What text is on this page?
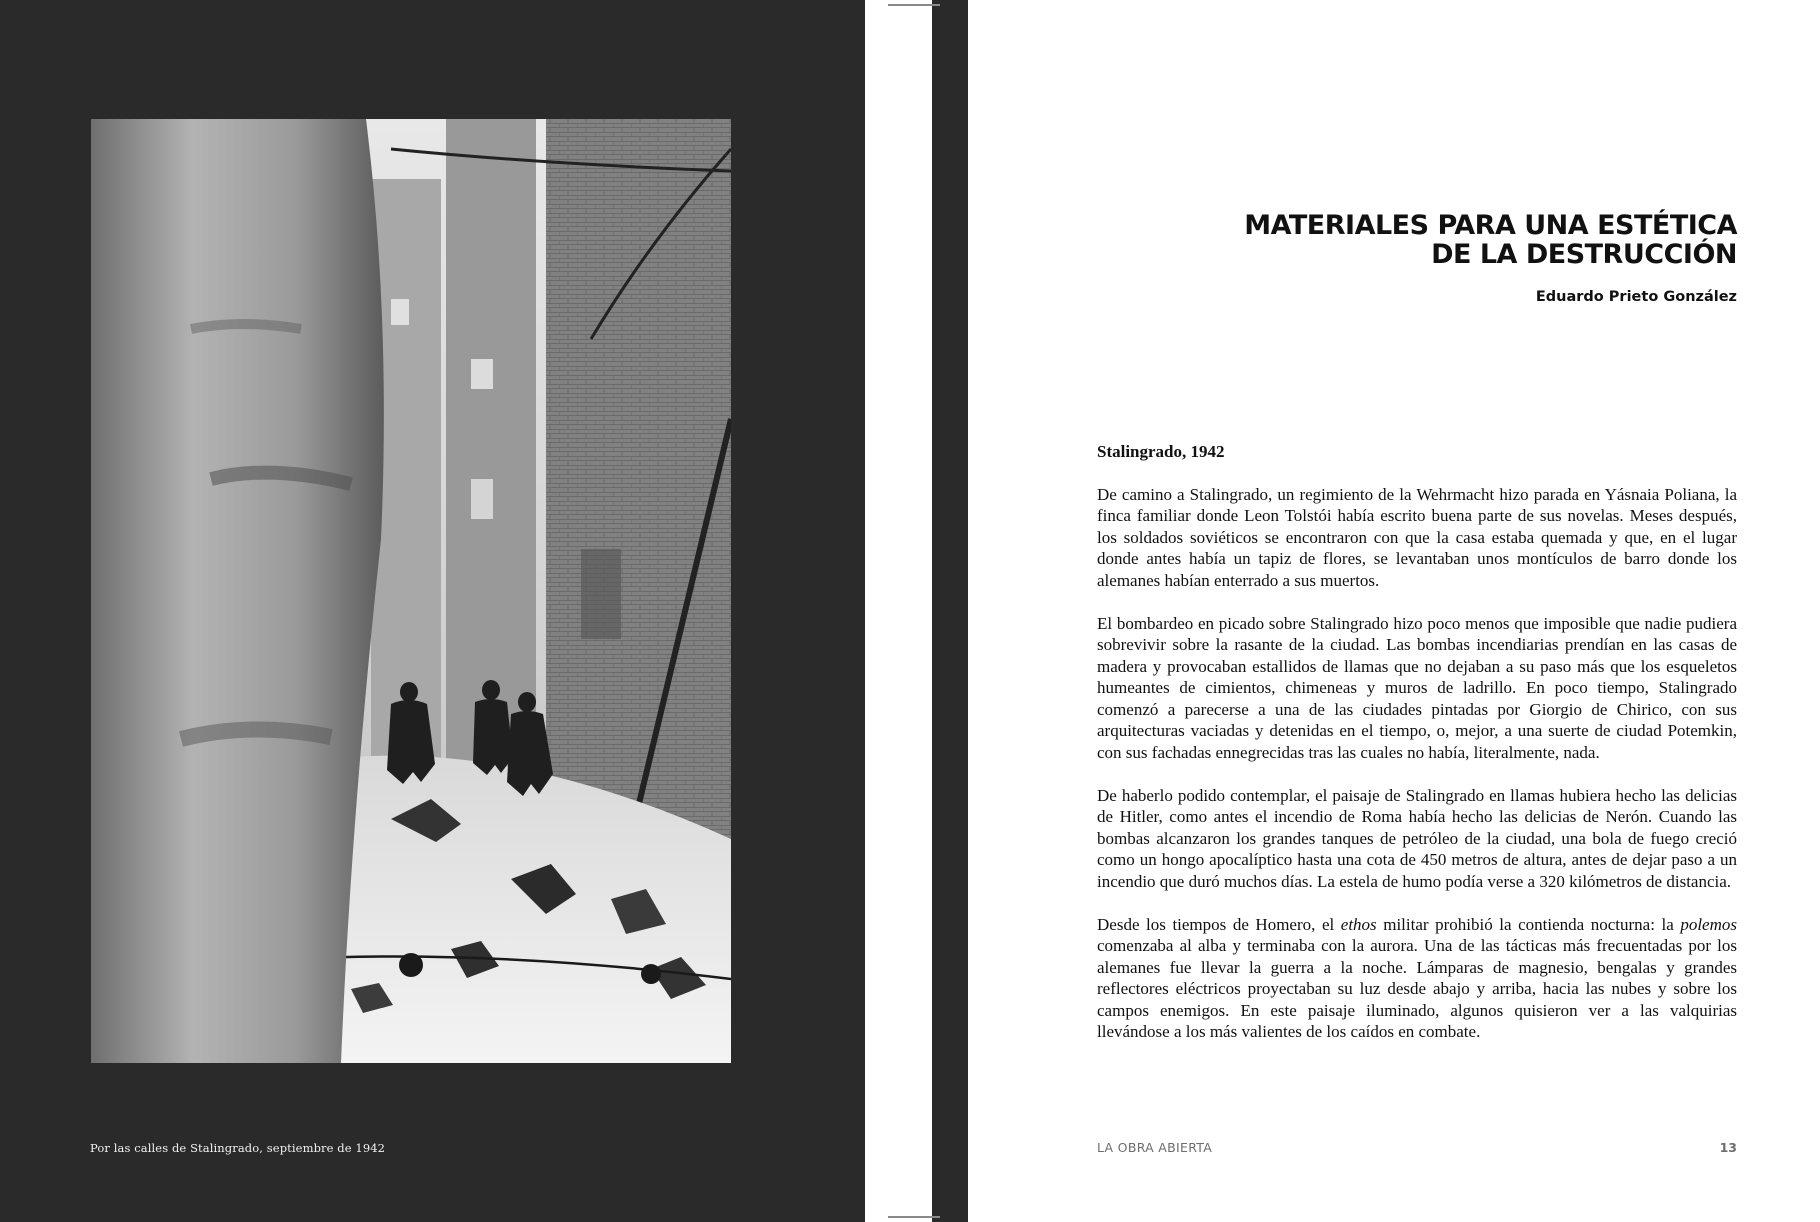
Por las calles de Stalingrado, septiembre de 1942
MATERIALES PARA UNA ESTÉTICA
DE LA DESTRUCCIÓN
Eduardo Prieto González
Stalingrado, 1942

De camino a Stalingrado, un regimiento de la Wehrmacht hizo parada en Yásnaia Poliana, la finca familiar donde Leon Tolstói había escrito buena parte de sus novelas. Meses después, los soldados soviéticos se encontraron con que la casa estaba quemada y que, en el lugar donde antes había un tapiz de flores, se levantaban unos montículos de barro donde los alemanes habían enterrado a sus muertos.

El bombardeo en picado sobre Stalingrado hizo poco menos que imposible que nadie pudiera sobrevivir sobre la rasante de la ciudad. Las bombas incendiarias prendían en las casas de madera y provocaban estallidos de llamas que no dejaban a su paso más que los esqueletos humeantes de cimientos, chimeneas y muros de ladrillo. En poco tiempo, Stalingrado comenzó a parecerse a una de las ciudades pintadas por Giorgio de Chirico, con sus arquitecturas vaciadas y detenidas en el tiempo, o, mejor, a una suerte de ciudad Potemkin, con sus fachadas ennegrecidas tras las cuales no había, literalmente, nada.

De haberlo podido contemplar, el paisaje de Stalingrado en llamas hubiera hecho las delicias de Hitler, como antes el incendio de Roma había hecho las delicias de Nerón. Cuando las bombas alcanzaron los grandes tanques de petróleo de la ciudad, una bola de fuego creció como un hongo apocalíptico hasta una cota de 450 metros de altura, antes de dejar paso a un incendio que duró muchos días. La estela de humo podía verse a 320 kilómetros de distancia.

Desde los tiempos de Homero, el ethos militar prohibió la contienda nocturna: la polemos comenzaba al alba y terminaba con la aurora. Una de las tácticas más frecuentadas por los alemanes fue llevar la guerra a la noche. Lámparas de magnesio, bengalas y grandes reflectores eléctricos proyectaban su luz desde abajo y arriba, hacia las nubes y sobre los campos enemigos. En este paisaje iluminado, algunos quisieron ver a las valquirias llevándose a los más valientes de los caídos en combate.

LA OBRA ABIERTA	13
